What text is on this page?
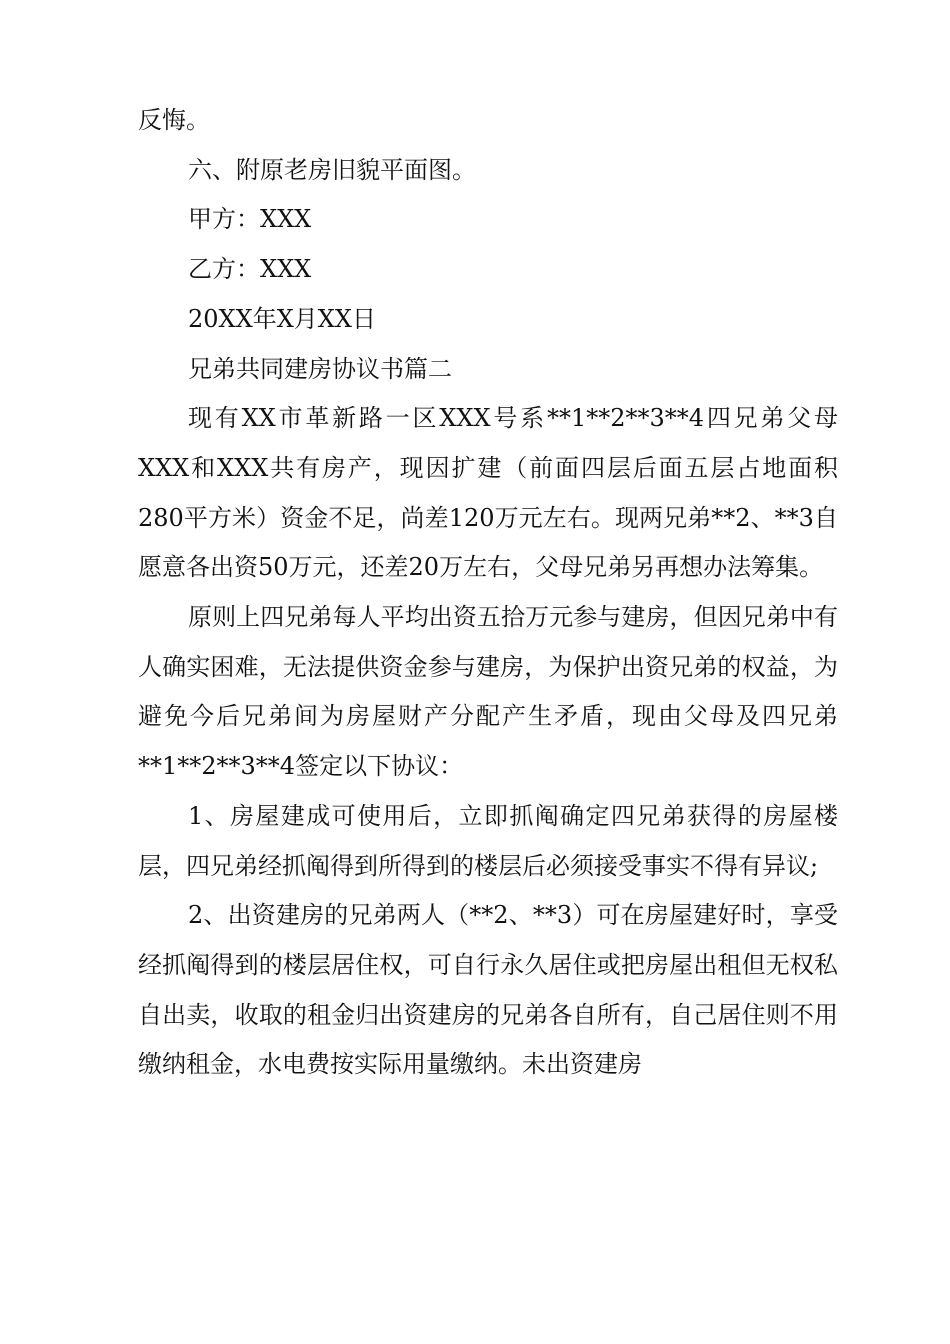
反悔。

六、附原老房旧貌平面图。

甲方：XXX

乙方：XXX

20XX年X月XX日

兄弟共同建房协议书篇二

现有XX市革新路一区XXX号系**1**2**3**4四兄弟父母XXX和XXX共有房产，现因扩建（前面四层后面五层占地面积280平方米）资金不足，尚差120万元左右。现两兄弟**2、**3自愿意各出资50万元，还差20万左右，父母兄弟另再想办法筹集。

原则上四兄弟每人平均出资五拾万元参与建房，但因兄弟中有人确实困难，无法提供资金参与建房，为保护出资兄弟的权益，为避免今后兄弟间为房屋财产分配产生矛盾，现由父母及四兄弟**1**2**3**4签定以下协议：

1、房屋建成可使用后，立即抓阄确定四兄弟获得的房屋楼层，四兄弟经抓阄得到所得到的楼层后必须接受事实不得有异议;

2、出资建房的兄弟两人（**2、**3）可在房屋建好时，享受经抓阄得到的楼层居住权，可自行永久居住或把房屋出租但无权私自出卖，收取的租金归出资建房的兄弟各自所有，自己居住则不用缴纳租金，水电费按实际用量缴纳。未出资建房
